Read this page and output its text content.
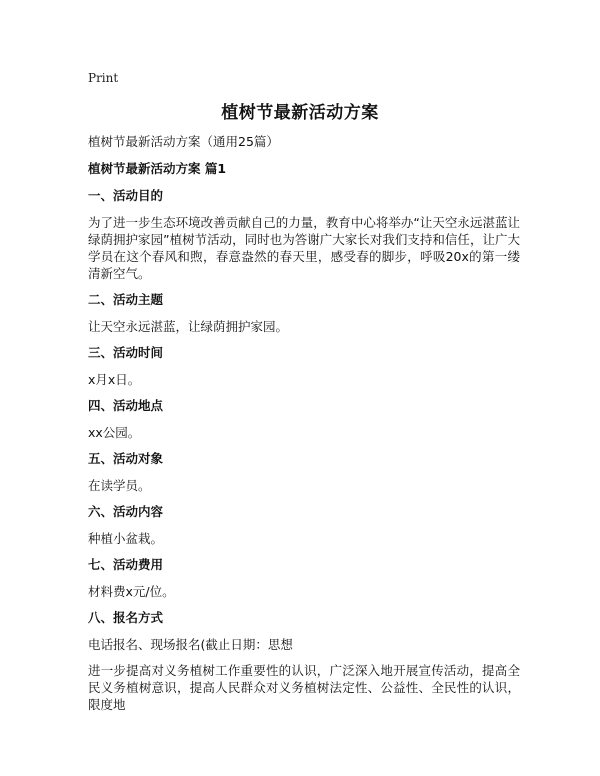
Print
植树节最新活动方案
植树节最新活动方案（通用25篇）
植树节最新活动方案 篇1
一、活动目的
为了进一步生态环境改善贡献自己的力量，教育中心将举办“让天空永远湛蓝让绿荫拥护家园”植树节活动，同时也为答谢广大家长对我们支持和信任，让广大学员在这个春风和煦，春意盎然的春天里，感受春的脚步，呼吸20x的第一缕清新空气。
二、活动主题
让天空永远湛蓝，让绿荫拥护家园。
三、活动时间
x月x日。
四、活动地点
xx公园。
五、活动对象
在读学员。
六、活动内容
种植小盆栽。
七、活动费用
材料费x元/位。
八、报名方式
电话报名、现场报名(截止日期：思想
进一步提高对义务植树工作重要性的认识，广泛深入地开展宣传活动，提高全民义务植树意识，提高人民群众对义务植树法定性、公益性、全民性的认识，限度地
